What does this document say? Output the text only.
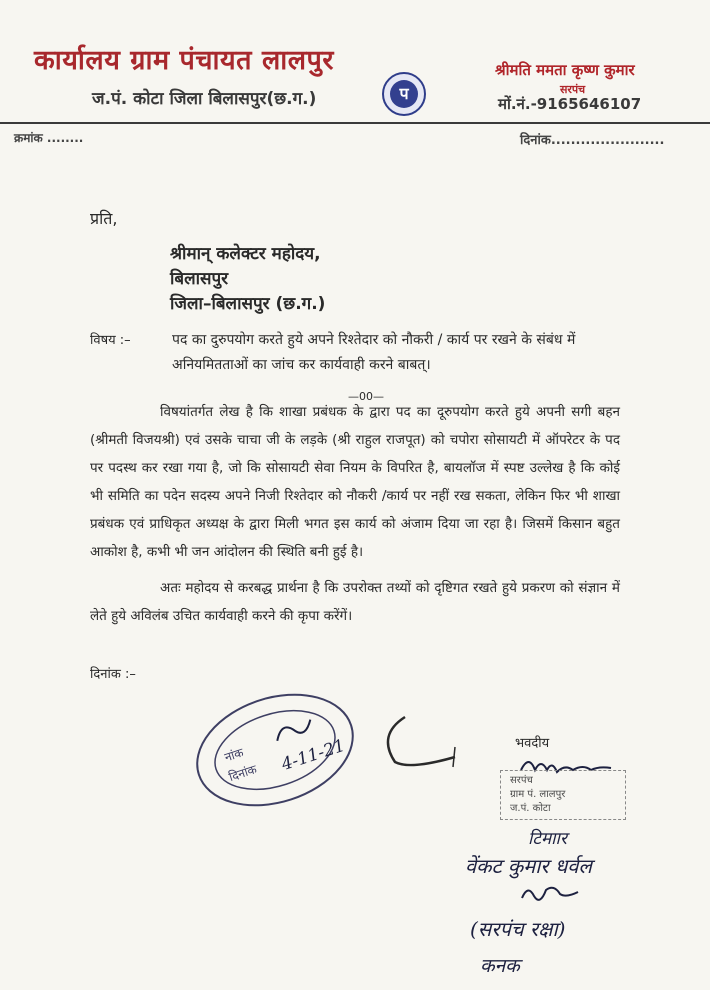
कार्यालय ग्राम पंचायत लालपुर
ज.पं. कोटा जिला बिलासपुर(छ.ग.)	प
श्रीमति ममता कृष्ण कुमार
सरपंच
मों.नं.-9165646107
क्रमांक ........	दिनांक.......................
प्रति,
श्रीमान् कलेक्टर महोदय,
बिलासपुर
जिला–बिलासपुर (छ.ग.)
विषय :–	पद का दुरुपयोग करते हुये अपने रिश्तेदार को नौकरी / कार्य पर रखने के संबंध में अनियमितताओं का जांच कर कार्यवाही करने बाबत्।
—00—
विषयांतर्गत लेख है कि शाखा प्रबंधक के द्वारा पद का दूरुपयोग करते हुये अपनी सगी बहन (श्रीमती विजयश्री) एवं उसके चाचा जी के लड़के (श्री राहुल राजपूत) को चपोरा सोसायटी में ऑपरेटर के पद पर पदस्थ कर रखा गया है, जो कि सोसायटी सेवा नियम के विपरित है, बायलॉज में स्पष्ट उल्लेख है कि कोई भी समिति का पदेन सदस्य अपने निजी रिश्तेदार को नौकरी /कार्य पर नहीं रख सकता, लेकिन फिर भी शाखा प्रबंधक एवं प्राधिकृत अध्यक्ष के द्वारा मिली भगत इस कार्य को अंजाम दिया जा रहा है। जिसमें किसान बहुत आकोश है, कभी भी जन आंदोलन की स्थिति बनी हुई है।
अतः महोदय से करबद्ध प्रार्थना है कि उपरोक्त तथ्यों को दृष्टिगत रखते हुये प्रकरण को संज्ञान में लेते हुये अविलंब उचित कार्यवाही करने की कृपा करेंगें।
दिनांक :–
नांक
दिनांक 4-11-21	भवदीय
सरपंच
ग्राम पं. लालपुर
ज.पं. कोटा
टिमाार
वेंकट कुमार धर्वल
(सरपंच रक्षा)
कनक
